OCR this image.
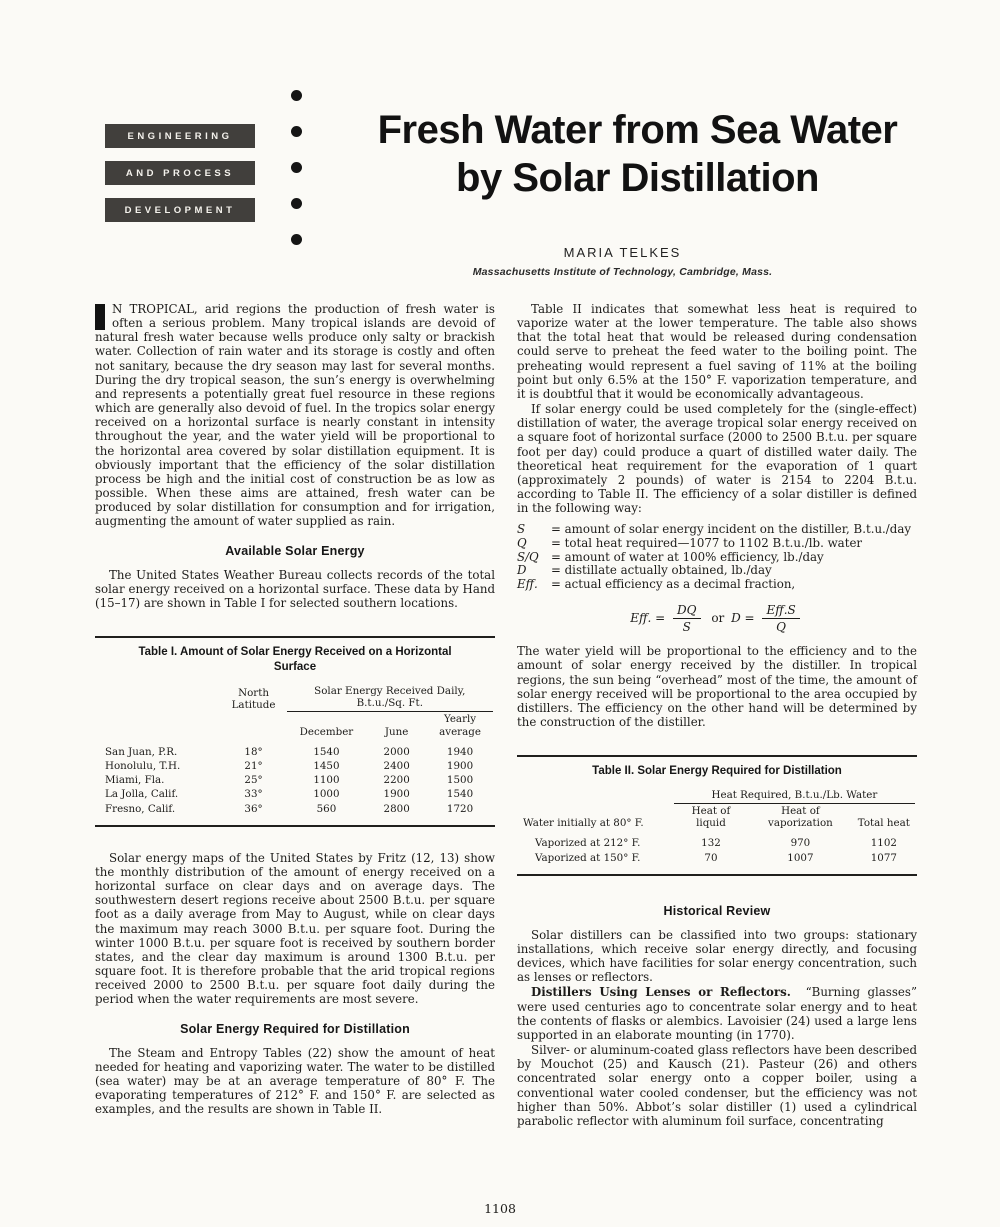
ENGINEERING
AND PROCESS
DEVELOPMENT
Fresh Water from Sea Water
by Solar Distillation
MARIA TELKES
Massachusetts Institute of Technology, Cambridge, Mass.

N TROPICAL, arid regions the production of fresh water is often a serious problem. Many tropical islands are devoid of natural fresh water because wells produce only salty or brackish water. Collection of rain water and its storage is costly and often not sanitary, because the dry season may last for several months. During the dry tropical season, the sun’s energy is overwhelming and represents a potentially great fuel resource in these regions which are generally also devoid of fuel. In the tropics solar energy received on a horizontal surface is nearly constant in intensity throughout the year, and the water yield will be proportional to the horizontal area covered by solar distillation equipment. It is obviously important that the efficiency of the solar distillation process be high and the initial cost of construction be as low as possible. When these aims are attained, fresh water can be produced by solar distillation for consumption and for irrigation, augmenting the amount of water supplied as rain.

Available Solar Energy

The United States Weather Bureau collects records of the total solar energy received on a horizontal surface. These data by Hand (15–17) are shown in Table I for selected southern locations.

Table I. Amount of Solar Energy Received on a Horizontal
Surface
	North Latitude	Solar Energy Received Daily, B.t.u./Sq. Ft.		
		December	June	Yearly average

San Juan, P.R.	18°	1540	2000	1940
Honolulu, T.H.	21°	1450	2400	1900
Miami, Fla.	25°	1100	2200	1500
La Jolla, Calif.	33°	1000	1900	1540
Fresno, Calif.	36°	560	2800	1720

Solar energy maps of the United States by Fritz (12, 13) show the monthly distribution of the amount of energy received on a horizontal surface on clear days and on average days. The southwestern desert regions receive about 2500 B.t.u. per square foot as a daily average from May to August, while on clear days the maximum may reach 3000 B.t.u. per square foot. During the winter 1000 B.t.u. per square foot is received by southern border states, and the clear day maximum is around 1300 B.t.u. per square foot. It is therefore probable that the arid tropical regions received 2000 to 2500 B.t.u. per square foot daily during the period when the water requirements are most severe.

Solar Energy Required for Distillation

The Steam and Entropy Tables (22) show the amount of heat needed for heating and vaporizing water. The water to be distilled (sea water) may be at an average temperature of 80° F. The evaporating temperatures of 212° F. and 150° F. are selected as examples, and the results are shown in Table II.

Table II indicates that somewhat less heat is required to vaporize water at the lower temperature. The table also shows that the total heat that would be released during condensation could serve to preheat the feed water to the boiling point. The preheating would represent a fuel saving of 11% at the boiling point but only 6.5% at the 150° F. vaporization temperature, and it is doubtful that it would be economically advantageous.

If solar energy could be used completely for the (single-effect) distillation of water, the average tropical solar energy received on a square foot of horizontal surface (2000 to 2500 B.t.u. per square foot per day) could produce a quart of distilled water daily. The theoretical heat requirement for the evaporation of 1 quart (approximately 2 pounds) of water is 2154 to 2204 B.t.u. according to Table II. The efficiency of a solar distiller is defined in the following way:

S	= amount of solar energy incident on the distiller, B.t.u./day
Q	= total heat required—1077 to 1102 B.t.u./lb. water
S/Q	= amount of water at 100% efficiency, lb./day
D	= distillate actually obtained, lb./day
Eff.	= actual efficiency as a decimal fraction,
Eff. = $\frac{DQ}{S}$ or $D = \frac{\text{Eff.S}}{Q}$

The water yield will be proportional to the efficiency and to the amount of solar energy received by the distiller. In tropical regions, the sun being “overhead” most of the time, the amount of solar energy received will be proportional to the area occupied by distillers. The efficiency on the other hand will be determined by the construction of the distiller.

Table II. Solar Energy Required for Distillation
	Heat Required, B.t.u./Lb. Water		
Water initially at 80° F.	Heat of liquid	Heat of vaporization	Total heat

Vaporized at 212° F.	132	970	1102
Vaporized at 150° F.	70	1007	1077
Historical Review

Solar distillers can be classified into two groups: stationary installations, which receive solar energy directly, and focusing devices, which have facilities for solar energy concentration, such as lenses or reflectors.

Distillers Using Lenses or Reflectors. “Burning glasses” were used centuries ago to concentrate solar energy and to heat the contents of flasks or alembics. Lavoisier (24) used a large lens supported in an elaborate mounting (in 1770).

Silver- or aluminum-coated glass reflectors have been described by Mouchot (25) and Kausch (21). Pasteur (26) and others concentrated solar energy onto a copper boiler, using a conventional water cooled condenser, but the efficiency was not higher than 50%. Abbot’s solar distiller (1) used a cylindrical parabolic reflector with aluminum foil surface, concentrating

1108
